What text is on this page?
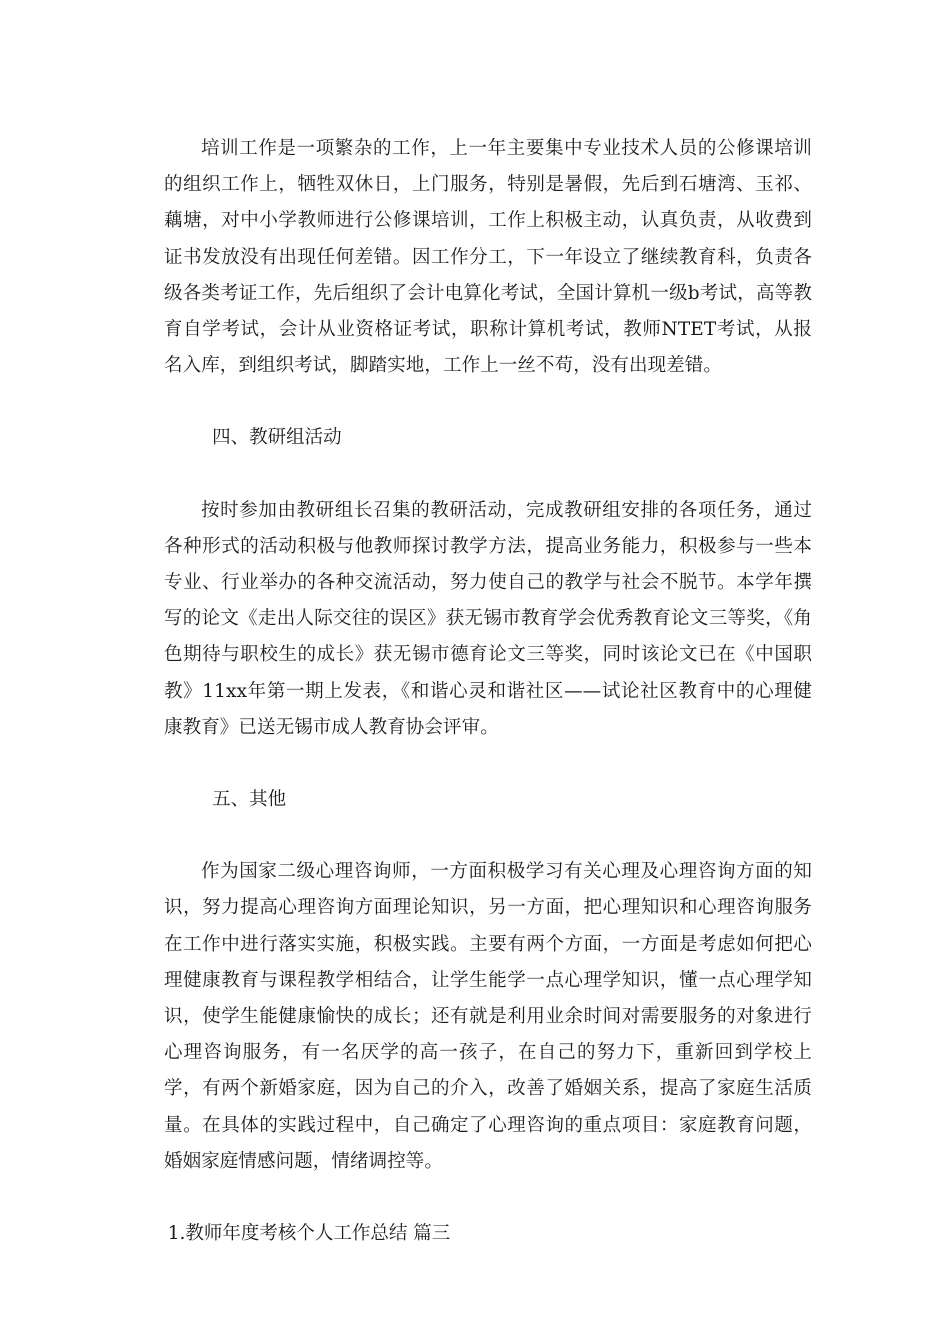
培训工作是一项繁杂的工作，上一年主要集中专业技术人员的公修课培训的组织工作上，牺牲双休日，上门服务，特别是暑假，先后到石塘湾、玉祁、藕塘，对中小学教师进行公修课培训，工作上积极主动，认真负责，从收费到证书发放没有出现任何差错。因工作分工，下一年设立了继续教育科，负责各级各类考证工作，先后组织了会计电算化考试，全国计算机一级b考试，高等教育自学考试，会计从业资格证考试，职称计算机考试，教师NTET考试，从报名入库，到组织考试，脚踏实地，工作上一丝不苟，没有出现差错。

四、教研组活动

按时参加由教研组长召集的教研活动，完成教研组安排的各项任务，通过各种形式的活动积极与他教师探讨教学方法，提高业务能力，积极参与一些本专业、行业举办的各种交流活动，努力使自己的教学与社会不脱节。本学年撰写的论文《走出人际交往的误区》获无锡市教育学会优秀教育论文三等奖，《角色期待与职校生的成长》获无锡市德育论文三等奖，同时该论文已在《中国职教》11xx年第一期上发表，《和谐心灵和谐社区——试论社区教育中的心理健康教育》已送无锡市成人教育协会评审。

五、其他

作为国家二级心理咨询师，一方面积极学习有关心理及心理咨询方面的知识，努力提高心理咨询方面理论知识，另一方面，把心理知识和心理咨询服务在工作中进行落实实施，积极实践。主要有两个方面，一方面是考虑如何把心理健康教育与课程教学相结合，让学生能学一点心理学知识，懂一点心理学知识，使学生能健康愉快的成长；还有就是利用业余时间对需要服务的对象进行心理咨询服务，有一名厌学的高一孩子，在自己的努力下，重新回到学校上学，有两个新婚家庭，因为自己的介入，改善了婚姻关系，提高了家庭生活质量。在具体的实践过程中，自己确定了心理咨询的重点项目：家庭教育问题，婚姻家庭情感问题，情绪调控等。

1.教师年度考核个人工作总结 篇三
